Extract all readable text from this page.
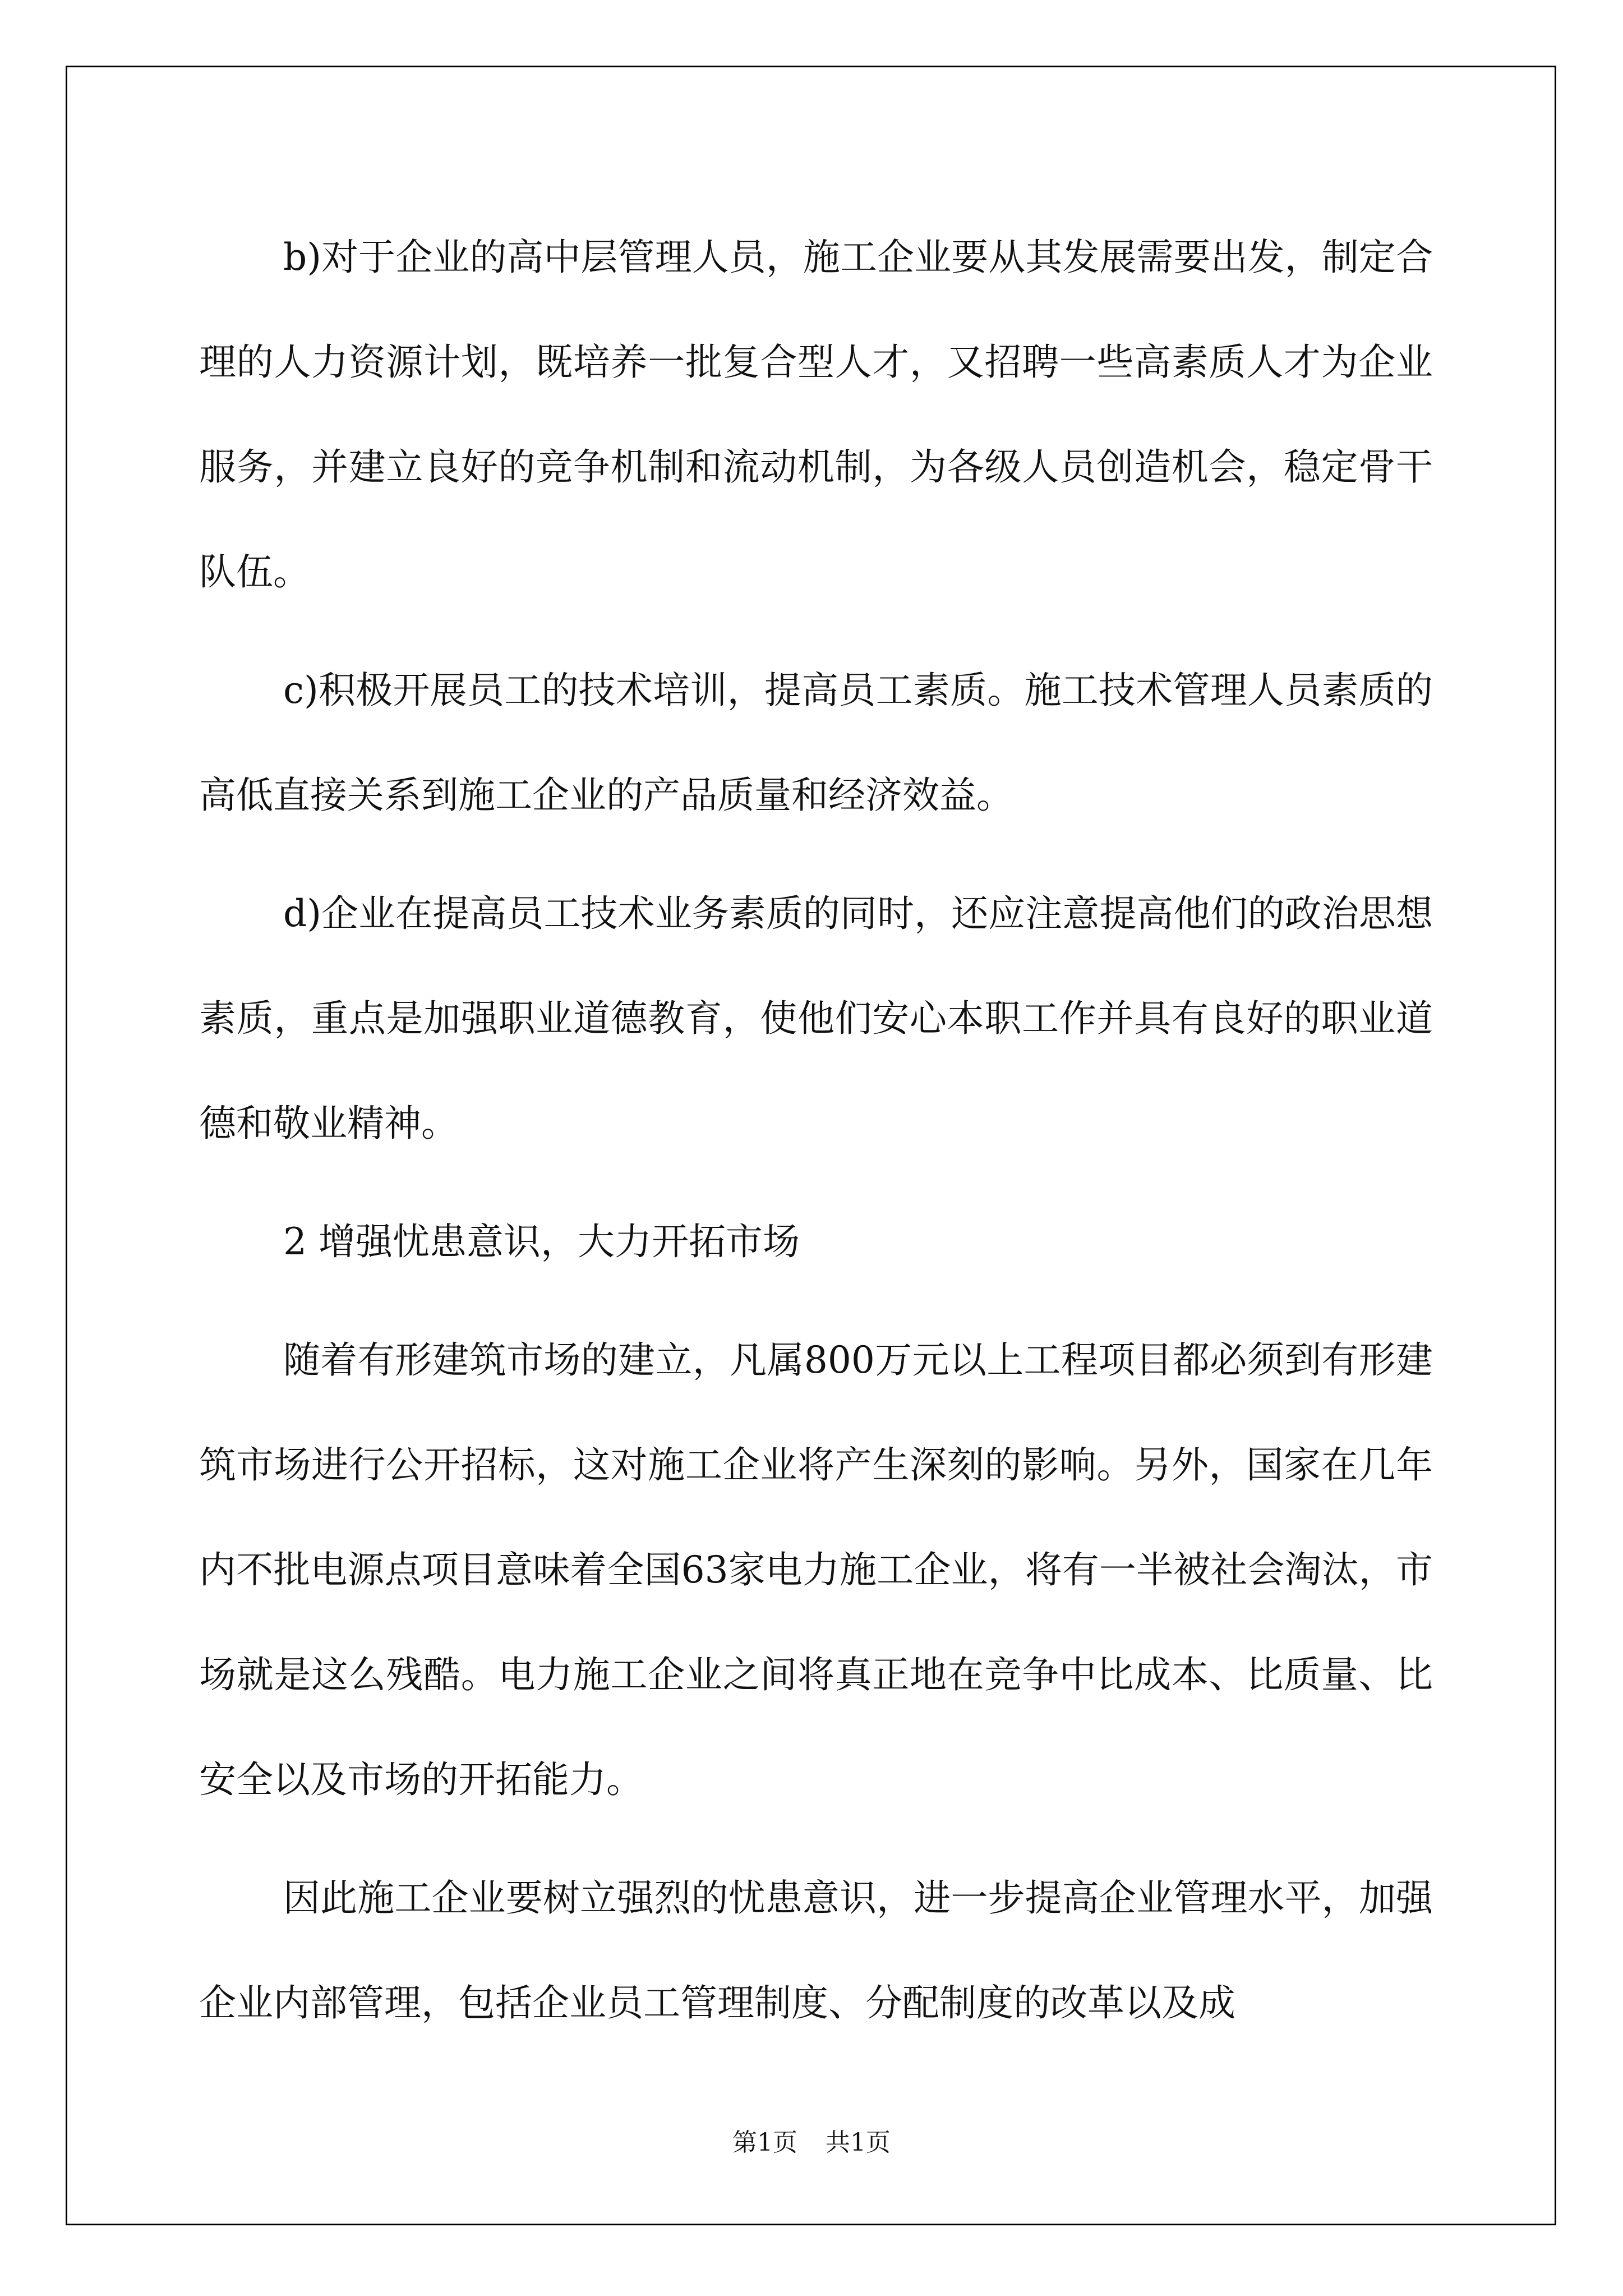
b)对于企业的高中层管理人员，施工企业要从其发展需要出发，制定合理的人力资源计划，既培养一批复合型人才，又招聘一些高素质人才为企业服务，并建立良好的竞争机制和流动机制，为各级人员创造机会，稳定骨干队伍。

c)积极开展员工的技术培训，提高员工素质。施工技术管理人员素质的高低直接关系到施工企业的产品质量和经济效益。

d)企业在提高员工技术业务素质的同时，还应注意提高他们的政治思想素质，重点是加强职业道德教育，使他们安心本职工作并具有良好的职业道德和敬业精神。

2 增强忧患意识，大力开拓市场

随着有形建筑市场的建立，凡属800万元以上工程项目都必须到有形建筑市场进行公开招标，这对施工企业将产生深刻的影响。另外，国家在几年内不批电源点项目意味着全国63家电力施工企业，将有一半被社会淘汰，市场就是这么残酷。电力施工企业之间将真正地在竞争中比成本、比质量、比安全以及市场的开拓能力。

因此施工企业要树立强烈的忧患意识，进一步提高企业管理水平，加强企业内部管理，包括企业员工管理制度、分配制度的改革以及成

第1页 共1页
